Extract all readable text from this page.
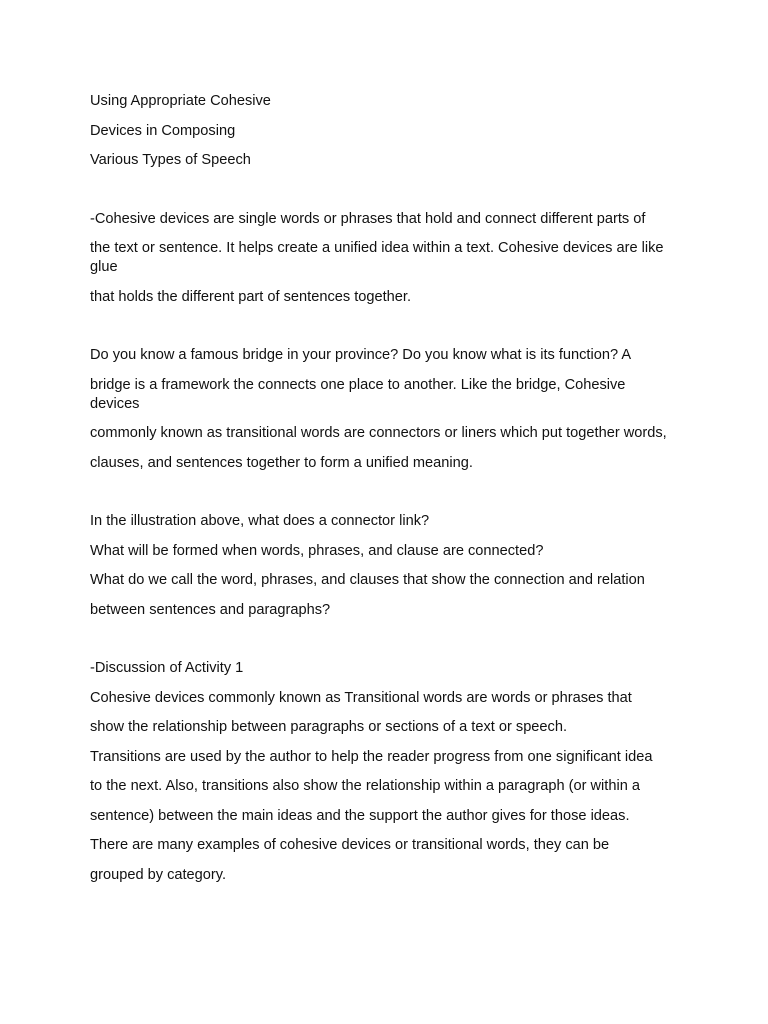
Using Appropriate Cohesive
Devices in Composing
Various Types of Speech
-Cohesive devices are single words or phrases that hold and connect different parts of
the text or sentence. It helps create a unified idea within a text. Cohesive devices are like glue
that holds the different part of sentences together.
Do you know a famous bridge in your province? Do you know what is its function? A
bridge is a framework the connects one place to another. Like the bridge, Cohesive devices
commonly known as transitional words are connectors or liners which put together words,
clauses, and sentences together to form a unified meaning.
In the illustration above, what does a connector link?
What will be formed when words, phrases, and clause are connected?
What do we call the word, phrases, and clauses that show the connection and relation
between sentences and paragraphs?
-Discussion of Activity 1
Cohesive devices commonly known as Transitional words are words or phrases that
show the relationship between paragraphs or sections of a text or speech.
Transitions are used by the author to help the reader progress from one significant idea
to the next. Also, transitions also show the relationship within a paragraph (or within a
sentence) between the main ideas and the support the author gives for those ideas.
There are many examples of cohesive devices or transitional words, they can be
grouped by category.
